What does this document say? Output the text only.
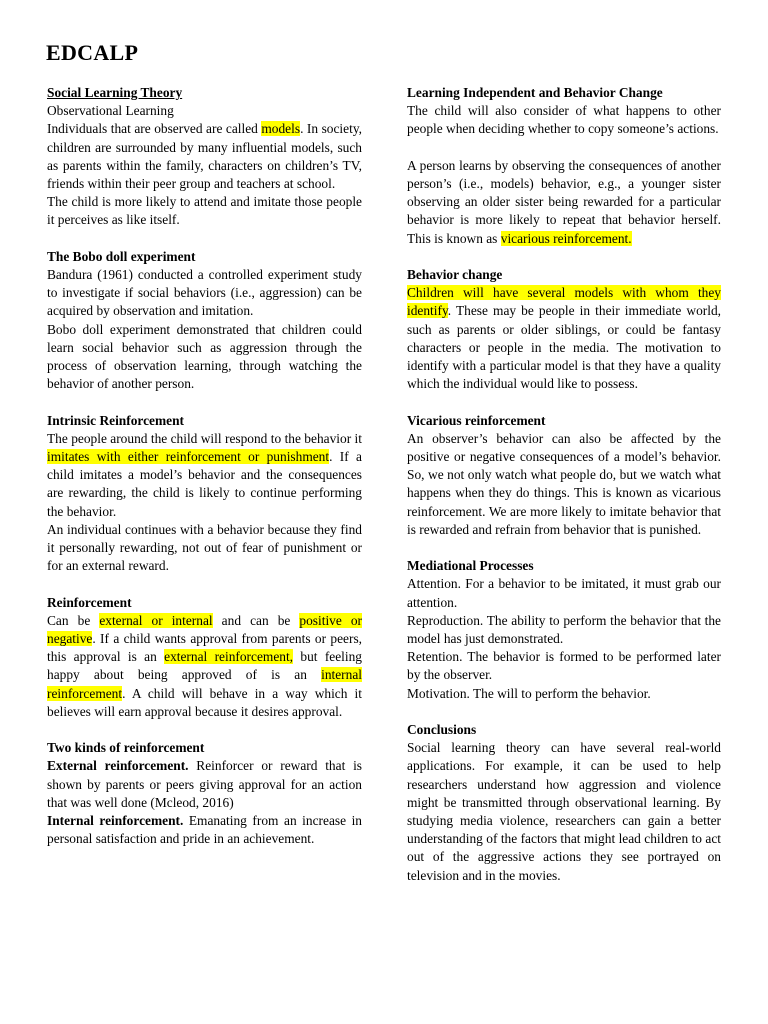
EDCALP

Social Learning Theory

Observational Learning

Individuals that are observed are called models. In society, children are surrounded by many influential models, such as parents within the family, characters on children’s TV, friends within their peer group and teachers at school.

The child is more likely to attend and imitate those people it perceives as like itself.

The Bobo doll experiment

Bandura (1961) conducted a controlled experiment study to investigate if social behaviors (i.e., aggression) can be acquired by observation and imitation.

Bobo doll experiment demonstrated that children could learn social behavior such as aggression through the process of observation learning, through watching the behavior of another person.

Intrinsic Reinforcement

The people around the child will respond to the behavior it imitates with either reinforcement or punishment. If a child imitates a model’s behavior and the consequences are rewarding, the child is likely to continue performing the behavior.

An individual continues with a behavior because they find it personally rewarding, not out of fear of punishment or for an external reward.

Reinforcement

Can be external or internal and can be positive or negative. If a child wants approval from parents or peers, this approval is an external reinforcement, but feeling happy about being approved of is an internal reinforcement. A child will behave in a way which it believes will earn approval because it desires approval.

Two kinds of reinforcement

External reinforcement. Reinforcer or reward that is shown by parents or peers giving approval for an action that was well done (Mcleod, 2016)

Internal reinforcement. Emanating from an increase in personal satisfaction and pride in an achievement.

Learning Independent and Behavior Change

The child will also consider of what happens to other people when deciding whether to copy someone’s actions.

A person learns by observing the consequences of another person’s (i.e., models) behavior, e.g., a younger sister observing an older sister being rewarded for a particular behavior is more likely to repeat that behavior herself. This is known as vicarious reinforcement.

Behavior change

Children will have several models with whom they identify. These may be people in their immediate world, such as parents or older siblings, or could be fantasy characters or people in the media. The motivation to identify with a particular model is that they have a quality which the individual would like to possess.

Vicarious reinforcement

An observer’s behavior can also be affected by the positive or negative consequences of a model’s behavior. So, we not only watch what people do, but we watch what happens when they do things. This is known as vicarious reinforcement. We are more likely to imitate behavior that is rewarded and refrain from behavior that is punished.

Mediational Processes

Attention. For a behavior to be imitated, it must grab our attention.

Reproduction. The ability to perform the behavior that the model has just demonstrated.

Retention. The behavior is formed to be performed later by the observer.

Motivation. The will to perform the behavior.

Conclusions

Social learning theory can have several real-world applications. For example, it can be used to help researchers understand how aggression and violence might be transmitted through observational learning. By studying media violence, researchers can gain a better understanding of the factors that might lead children to act out of the aggressive actions they see portrayed on television and in the movies.
